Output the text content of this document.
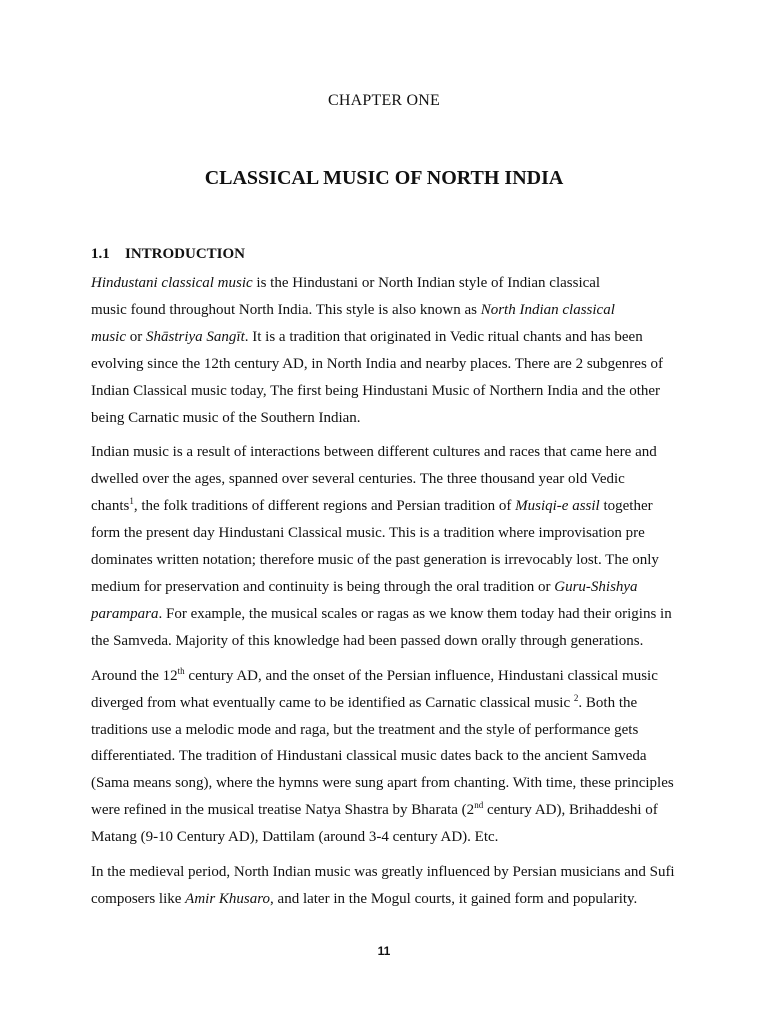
CHAPTER ONE
CLASSICAL MUSIC OF NORTH INDIA
1.1 INTRODUCTION

Hindustani classical music is the Hindustani or North Indian style of Indian classical
music found throughout North India. This style is also known as North Indian classical
music or Shāstriya Sangīt. It is a tradition that originated in Vedic ritual chants and has been
evolving since the 12th century AD, in North India and nearby places. There are 2 subgenres of
Indian Classical music today, The first being Hindustani Music of Northern India and the other
being Carnatic music of the Southern Indian.

Indian music is a result of interactions between different cultures and races that came here and
dwelled over the ages, spanned over several centuries. The three thousand year old Vedic
chants$^1$, the folk traditions of different regions and Persian tradition of Musiqi-e assil together
form the present day Hindustani Classical music. This is a tradition where improvisation pre
dominates written notation; therefore music of the past generation is irrevocably lost. The only
medium for preservation and continuity is being through the oral tradition or Guru-Shishya
parampara. For example, the musical scales or ragas as we know them today had their origins in
the Samveda. Majority of this knowledge had been passed down orally through generations.

Around the 12th century AD, and the onset of the Persian influence, Hindustani classical music
diverged from what eventually came to be identified as Carnatic classical music $^2$. Both the
traditions use a melodic mode and raga, but the treatment and the style of performance gets
differentiated. The tradition of Hindustani classical music dates back to the ancient Samveda
(Sama means song), where the hymns were sung apart from chanting. With time, these principles
were refined in the musical treatise Natya Shastra by Bharata (2nd century AD), Brihaddeshi of
Matang (9-10 Century AD), Dattilam (around 3-4 century AD). Etc.

In the medieval period, North Indian music was greatly influenced by Persian musicians and Sufi
composers like Amir Khusaro, and later in the Mogul courts, it gained form and popularity.

11
